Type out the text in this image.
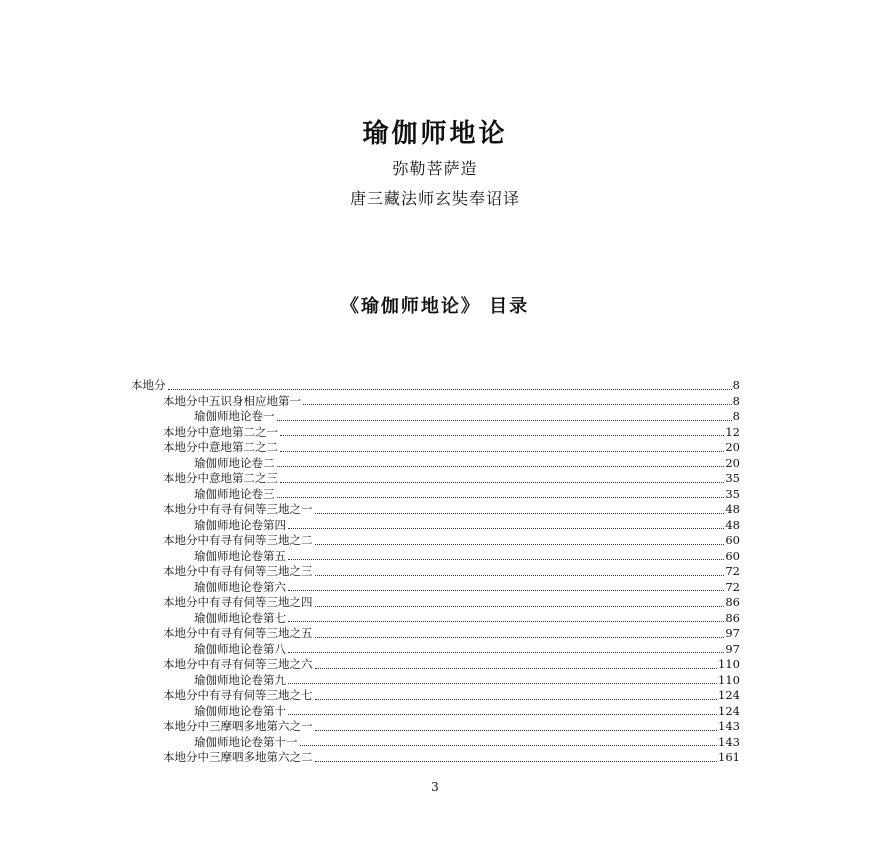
瑜伽师地论
弥勒菩萨造
唐三藏法师玄奘奉诏译
《瑜伽师地论》 目录
本地分	8
本地分中五识身相应地第一	8
瑜伽师地论卷一	8
本地分中意地第二之一	12
本地分中意地第二之二	20
瑜伽师地论卷二	20
本地分中意地第二之三	35
瑜伽师地论卷三	35
本地分中有寻有伺等三地之一	48
瑜伽师地论卷第四	48
本地分中有寻有伺等三地之二	60
瑜伽师地论卷第五	60
本地分中有寻有伺等三地之三	72
瑜伽师地论卷第六	72
本地分中有寻有伺等三地之四	86
瑜伽师地论卷第七	86
本地分中有寻有伺等三地之五	97
瑜伽师地论卷第八	97
本地分中有寻有伺等三地之六	110
瑜伽师地论卷第九	110
本地分中有寻有伺等三地之七	124
瑜伽师地论卷第十	124
本地分中三摩呬多地第六之一	143
瑜伽师地论卷第十一	143
本地分中三摩呬多地第六之二	161
3
